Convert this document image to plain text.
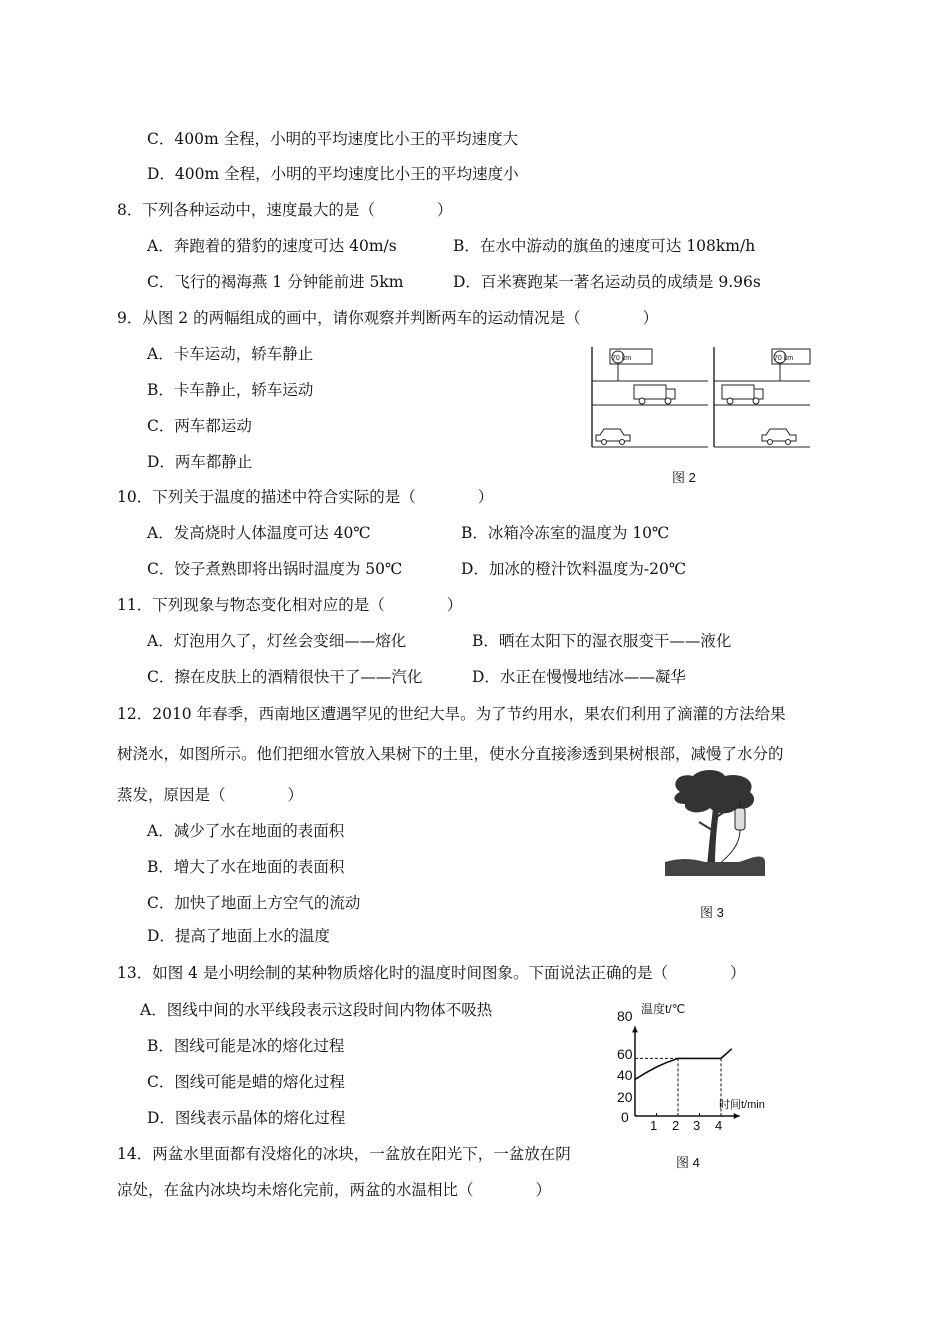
C．400m 全程，小明的平均速度比小王的平均速度大
D．400m 全程，小明的平均速度比小王的平均速度小
8．下列各种运动中，速度最大的是（　　　　）
A．奔跑着的猎豹的速度可达 40m/s	B．在水中游动的旗鱼的速度可达 108km/h
C．飞行的褐海燕 1 分钟能前进 5km	D．百米赛跑某一著名运动员的成绩是 9.96s
9．从图 2 的两幅组成的画中，请你观察并判断两车的运动情况是（　　　　）
A．卡车运动，轿车静止
B．卡车静止，轿车运动
C．两车都运动
D．两车都静止
70 km	70 km
图 2
10．下列关于温度的描述中符合实际的是（　　　　）
A．发高烧时人体温度可达 40℃	B．冰箱冷冻室的温度为 10℃
C．饺子煮熟即将出锅时温度为 50℃	D．加冰的橙汁饮料温度为-20℃
11．下列现象与物态变化相对应的是（　　　　）
A．灯泡用久了，灯丝会变细——熔化	B．晒在太阳下的湿衣服变干——液化
C．擦在皮肤上的酒精很快干了——汽化	D．水正在慢慢地结冰——凝华
12．2010 年春季，西南地区遭遇罕见的世纪大旱。为了节约用水，果农们利用了滴灌的方法给果
树浇水，如图所示。他们把细水管放入果树下的土里，使水分直接渗透到果树根部，减慢了水分的
蒸发，原因是（　　　　）
A．减少了水在地面的表面积
B．增大了水在地面的表面积
C．加快了地面上方空气的流动
D．提高了地面上水的温度
图 3
13．如图 4 是小明绘制的某种物质熔化时的温度时间图象。下面说法正确的是（　　　　）
A．图线中间的水平线段表示这段时间内物体不吸热
B．图线可能是冰的熔化过程
C．图线可能是蜡的熔化过程
D．图线表示晶体的熔化过程
温度t/℃
时间t/min
80
60
40
20
0
1 2 3 4
图 4
14．两盆水里面都有没熔化的冰块，一盆放在阳光下，一盆放在阴
凉处，在盆内冰块均未熔化完前，两盆的水温相比（　　　　）
